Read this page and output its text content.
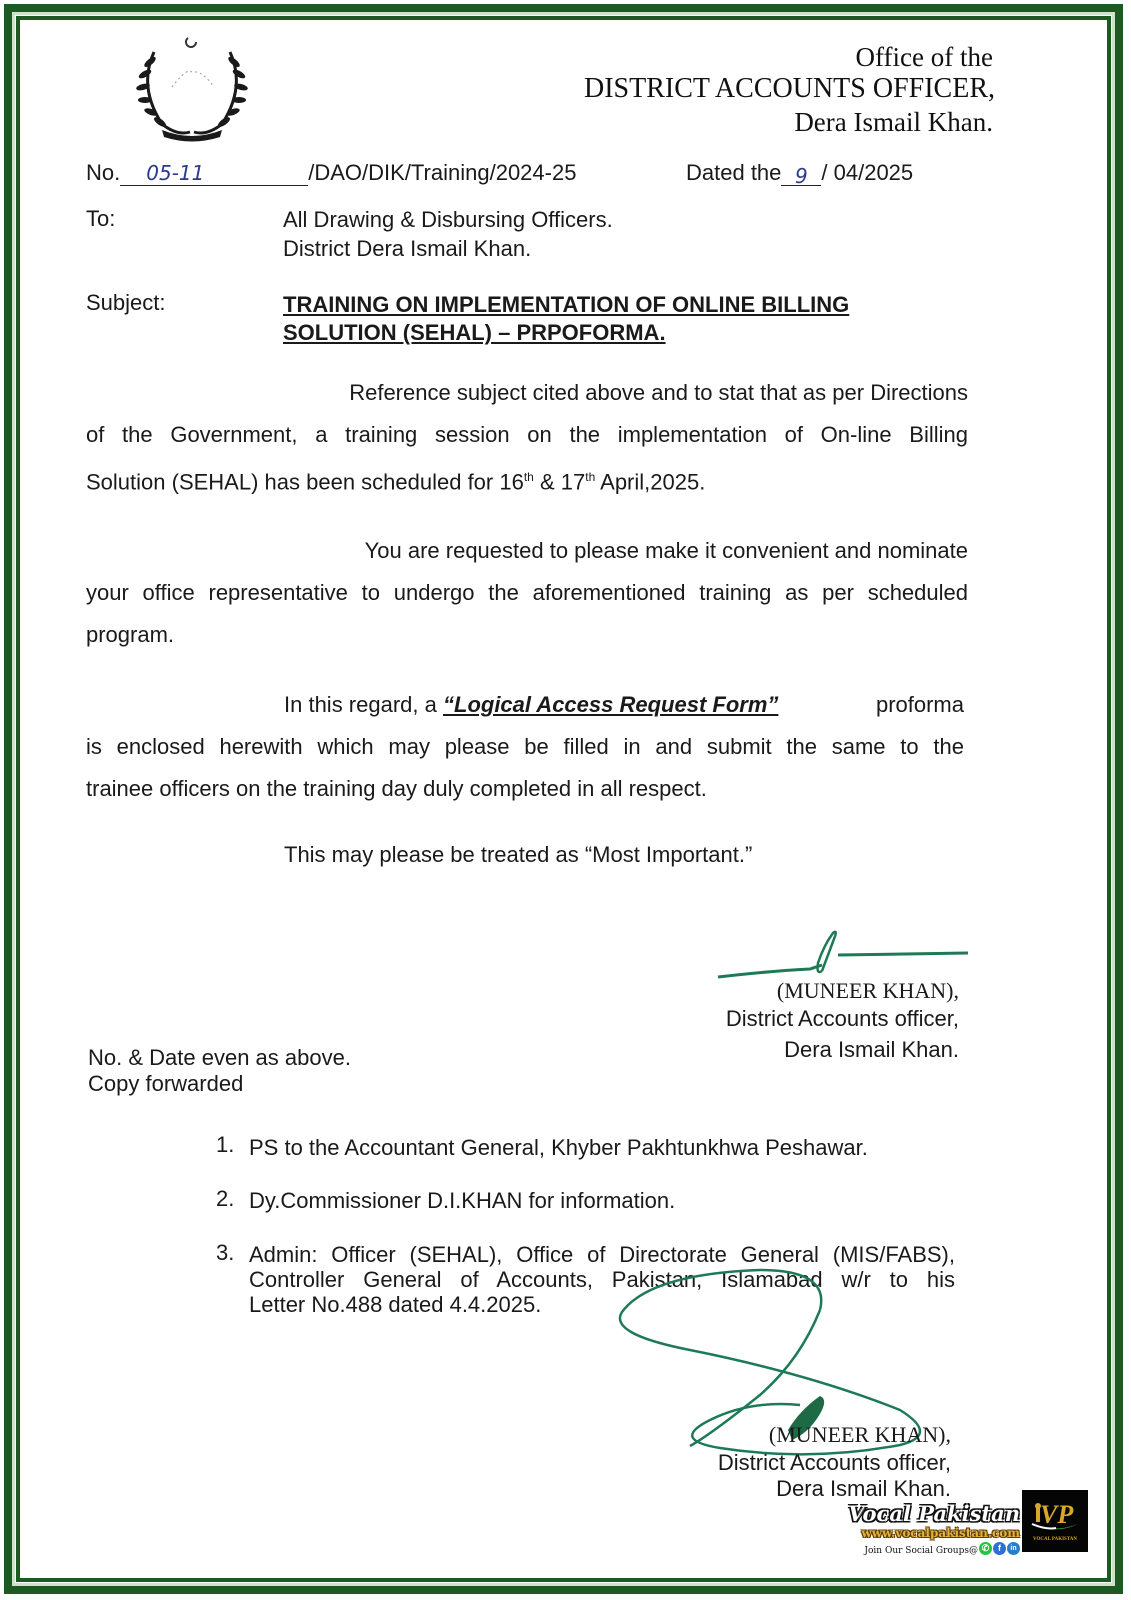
Office of the
DISTRICT ACCOUNTS OFFICER,
Dera Ismail Khan.
No. 05-11	/DAO/DIK/Training/2024-25	Dated the 9 / 04/2025
To:	All Drawing & Disbursing Officers.
District Dera Ismail Khan.
Subject:	TRAINING ON IMPLEMENTATION OF ONLINE BILLING
SOLUTION (SEHAL) – PRPOFORMA.

Reference subject cited above and to stat that as per Directions

of the Government, a training session on the implementation of On-line Billing

Solution (SEHAL) has been scheduled for 16th & 17th April,2025.

You are requested to please make it convenient and nominate

your office representative to undergo the aforementioned training as per scheduled

program.

In this regard, a “Logical Access Request Form”	proforma

is enclosed herewith which may please be filled in and submit the same to the

trainee officers on the training day duly completed in all respect.

This may please be treated as “Most Important.”
(MUNEER KHAN),
District Accounts officer,
Dera Ismail Khan.
No. & Date even as above.
Copy forwarded
1. PS to the Accountant General, Khyber Pakhtunkhwa Peshawar.
2. Dy.Commissioner D.I.KHAN for information.
3. Admin: Officer (SEHAL), Office of Directorate General (MIS/FABS),
Controller General of Accounts, Pakistan, Islamabad w/r to his
Letter No.488 dated 4.4.2025.
(MUNEER KHAN),
District Accounts officer,
Dera Ismail Khan.
Vocal Pakistan
www.vocalpakistan.com
Join Our Social Groups@ ✆ f in
VP
VOCAL PAKISTAN
